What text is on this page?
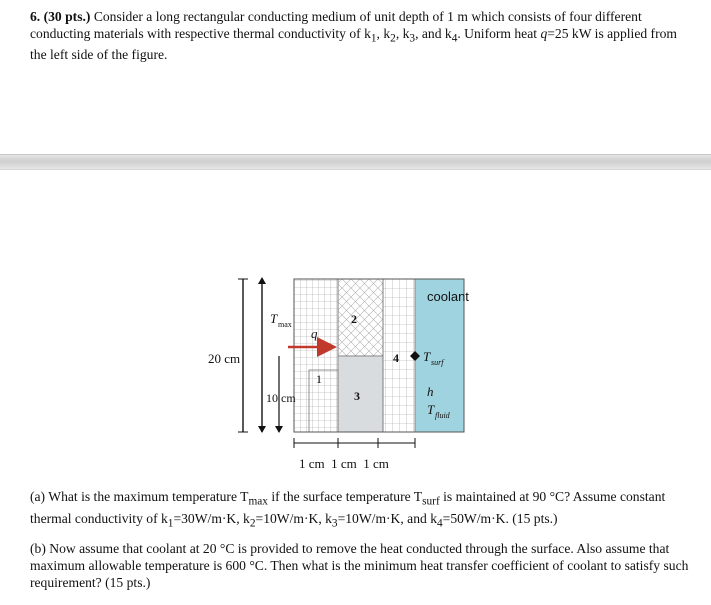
6. (30 pts.) Consider a long rectangular conducting medium of unit depth of 1 m which consists of four different conducting materials with respective thermal conductivity of $k_1$, $k_2$, $k_3$, and $k_4$. Uniform heat q=25 kW is applied from the left side of the figure.

coolant
T max
q
2
1
3
4 T surf
h
T fluid
20 cm
10 cm
1 cm  1 cm  1 cm

(a) What is the maximum temperature $T_{max}$ if the surface temperature $T_{surf}$ is maintained at 90 °C? Assume constant thermal conductivity of $k_1=30W/m\cdot K$, $k_2=10W/m\cdot K$, $k_3=10W/m\cdot K$, and $k_4=50W/m\cdot K$. (15 pts.)

(b) Now assume that coolant at 20 °C is provided to remove the heat conducted through the surface. Also assume that maximum allowable temperature is 600 °C. Then what is the minimum heat transfer coefficient of coolant to satisfy such requirement? (15 pts.)
